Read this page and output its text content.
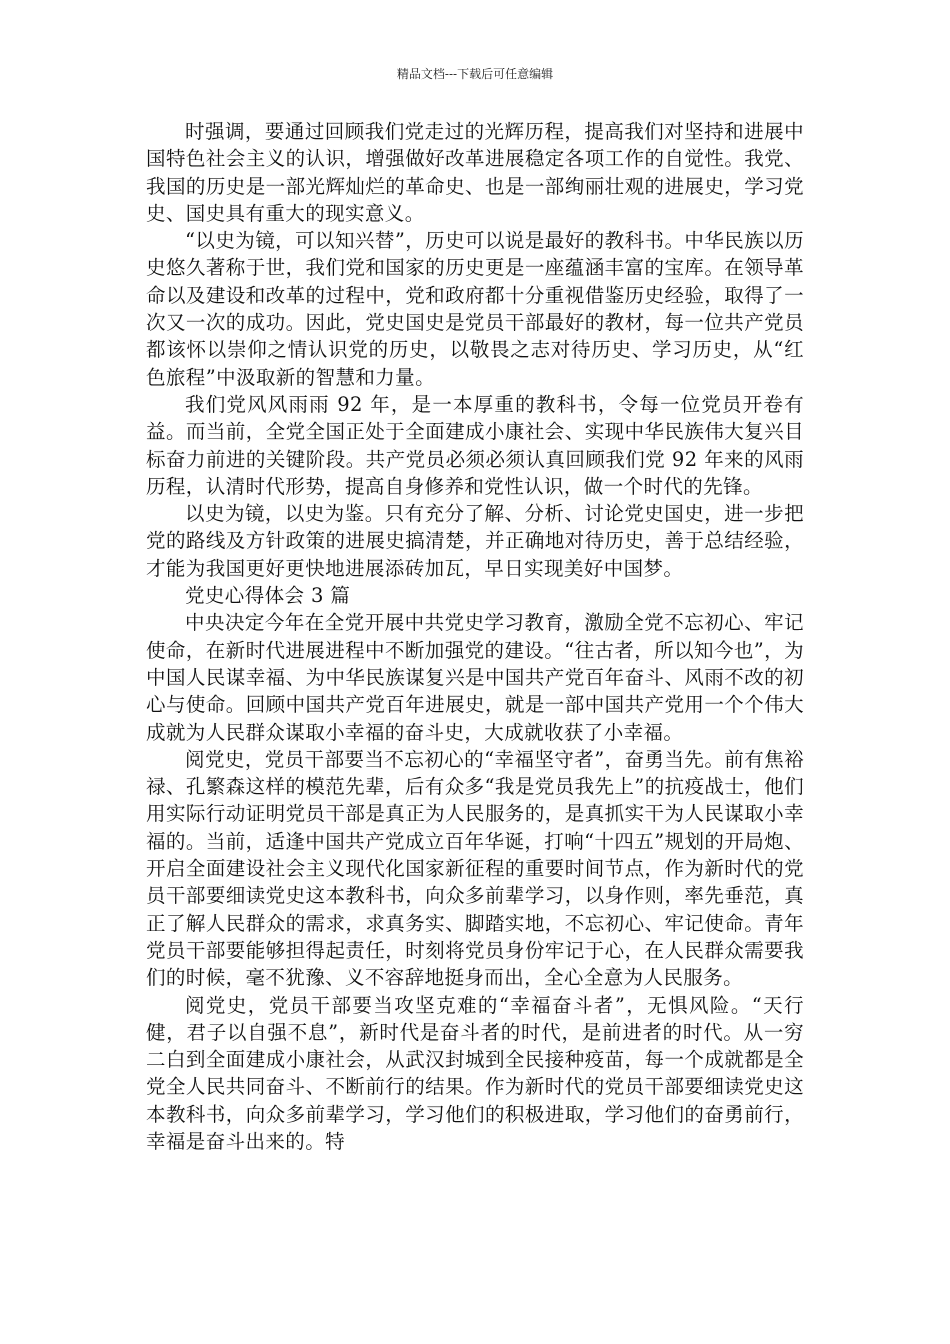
精品文档---下载后可任意编辑

时强调，要通过回顾我们党走过的光辉历程，提高我们对坚持和进展中国特色社会主义的认识，增强做好改革进展稳定各项工作的自觉性。我党、我国的历史是一部光辉灿烂的革命史、也是一部绚丽壮观的进展史，学习党史、国史具有重大的现实意义。

“以史为镜，可以知兴替”，历史可以说是最好的教科书。中华民族以历史悠久著称于世，我们党和国家的历史更是一座蕴涵丰富的宝库。在领导革命以及建设和改革的过程中，党和政府都十分重视借鉴历史经验，取得了一次又一次的成功。因此，党史国史是党员干部最好的教材，每一位共产党员都该怀以崇仰之情认识党的历史，以敬畏之志对待历史、学习历史，从“红色旅程”中汲取新的智慧和力量。

我们党风风雨雨 92 年，是一本厚重的教科书，令每一位党员开卷有益。而当前，全党全国正处于全面建成小康社会、实现中华民族伟大复兴目标奋力前进的关键阶段。共产党员必须必须认真回顾我们党 92 年来的风雨历程，认清时代形势，提高自身修养和党性认识，做一个时代的先锋。

以史为镜，以史为鉴。只有充分了解、分析、讨论党史国史，进一步把党的路线及方针政策的进展史搞清楚，并正确地对待历史，善于总结经验，才能为我国更好更快地进展添砖加瓦，早日实现美好中国梦。

党史心得体会 3 篇

中央决定今年在全党开展中共党史学习教育，激励全党不忘初心、牢记使命，在新时代进展进程中不断加强党的建设。“往古者，所以知今也”，为中国人民谋幸福、为中华民族谋复兴是中国共产党百年奋斗、风雨不改的初心与使命。回顾中国共产党百年进展史，就是一部中国共产党用一个个伟大成就为人民群众谋取小幸福的奋斗史，大成就收获了小幸福。

阅党史，党员干部要当不忘初心的“幸福坚守者”，奋勇当先。前有焦裕禄、孔繁森这样的模范先辈，后有众多“我是党员我先上”的抗疫战士，他们用实际行动证明党员干部是真正为人民服务的，是真抓实干为人民谋取小幸福的。当前，适逢中国共产党成立百年华诞，打响“十四五”规划的开局炮、开启全面建设社会主义现代化国家新征程的重要时间节点，作为新时代的党员干部要细读党史这本教科书，向众多前辈学习，以身作则，率先垂范，真正了解人民群众的需求，求真务实、脚踏实地，不忘初心、牢记使命。青年党员干部要能够担得起责任，时刻将党员身份牢记于心，在人民群众需要我们的时候，毫不犹豫、义不容辞地挺身而出，全心全意为人民服务。

阅党史，党员干部要当攻坚克难的“幸福奋斗者”，无惧风险。“天行健，君子以自强不息”，新时代是奋斗者的时代，是前进者的时代。从一穷二白到全面建成小康社会，从武汉封城到全民接种疫苗，每一个成就都是全党全人民共同奋斗、不断前行的结果。作为新时代的党员干部要细读党史这本教科书，向众多前辈学习，学习他们的积极进取，学习他们的奋勇前行，幸福是奋斗出来的。特
